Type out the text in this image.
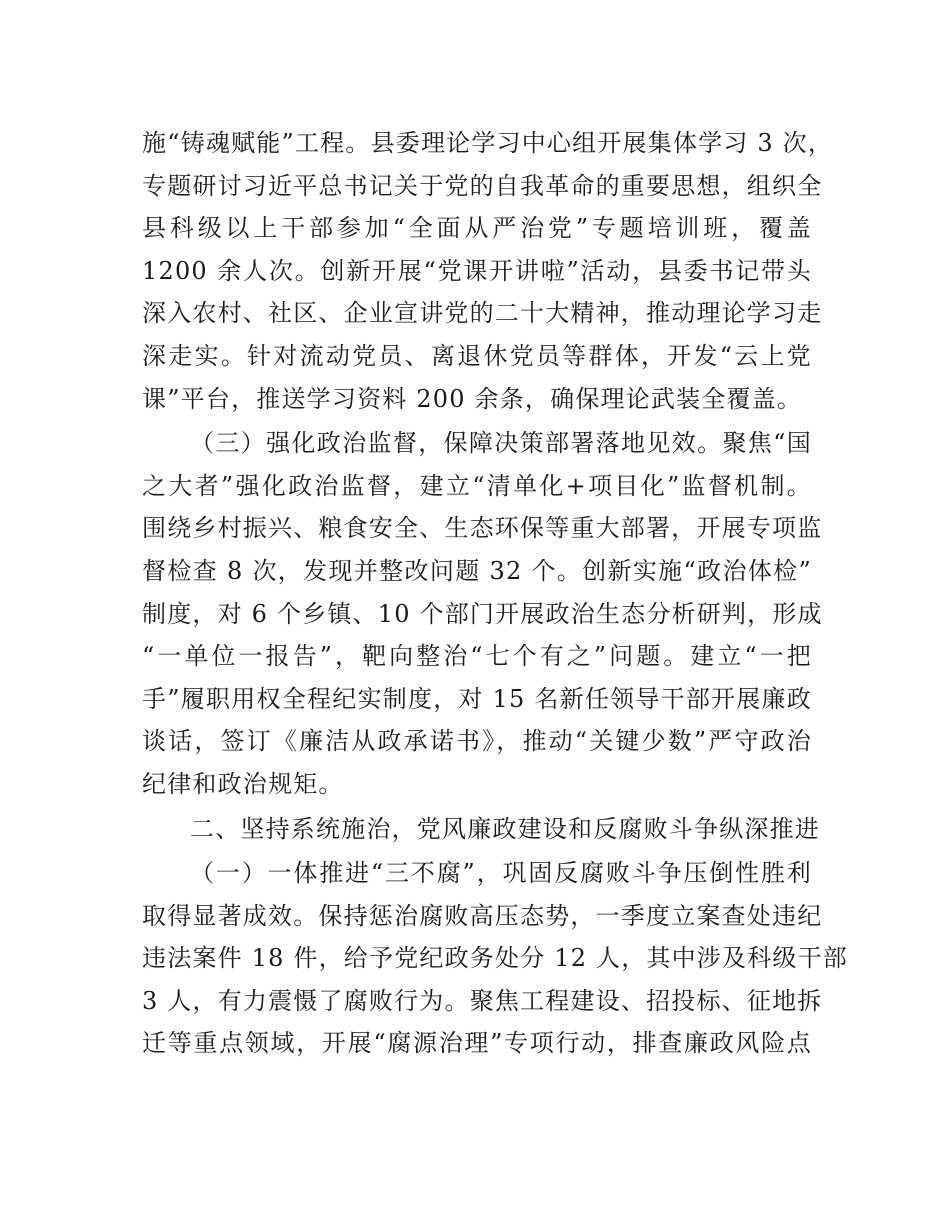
施“铸魂赋能”工程。县委理论学习中心组开展集体学习 3 次，
专题研讨习近平总书记关于党的自我革命的重要思想，组织全
县科级以上干部参加“全面从严治党”专题培训班，覆盖
1200 余人次。创新开展“党课开讲啦”活动，县委书记带头
深入农村、社区、企业宣讲党的二十大精神，推动理论学习走
深走实。针对流动党员、离退休党员等群体，开发“云上党
课”平台，推送学习资料 200 余条，确保理论武装全覆盖。
（三）强化政治监督，保障决策部署落地见效。聚焦“国
之大者”强化政治监督，建立“清单化+项目化”监督机制。
围绕乡村振兴、粮食安全、生态环保等重大部署，开展专项监
督检查 8 次，发现并整改问题 32 个。创新实施“政治体检”
制度，对 6 个乡镇、10 个部门开展政治生态分析研判，形成
“一单位一报告”，靶向整治“七个有之”问题。建立“一把
手”履职用权全程纪实制度，对 15 名新任领导干部开展廉政
谈话，签订《廉洁从政承诺书》，推动“关键少数”严守政治
纪律和政治规矩。
二、坚持系统施治，党风廉政建设和反腐败斗争纵深推进
（一）一体推进“三不腐”，巩固反腐败斗争压倒性胜利
取得显著成效。保持惩治腐败高压态势，一季度立案查处违纪
违法案件 18 件，给予党纪政务处分 12 人，其中涉及科级干部
3 人，有力震慑了腐败行为。聚焦工程建设、招投标、征地拆
迁等重点领域，开展“腐源治理”专项行动，排查廉政风险点
